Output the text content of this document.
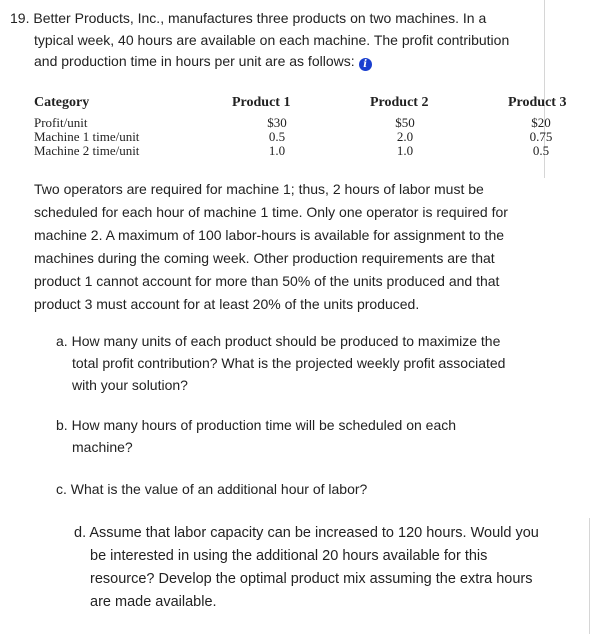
19. Better Products, Inc., manufactures three products on two machines. In a
typical week, 40 hours are available on each machine. The profit contribution
and production time in hours per unit are as follows: i
Category	Product 1	Product 2	Product 3
Profit/unit	$30	$50	$20
Machine 1 time/unit	0.5	2.0	0.75
Machine 2 time/unit	1.0	1.0	0.5
Two operators are required for machine 1; thus, 2 hours of labor must be
scheduled for each hour of machine 1 time. Only one operator is required for
machine 2. A maximum of 100 labor-hours is available for assignment to the
machines during the coming week. Other production requirements are that
product 1 cannot account for more than 50% of the units produced and that
product 3 must account for at least 20% of the units produced.
a. How many units of each product should be produced to maximize the
total profit contribution? What is the projected weekly profit associated
with your solution?
b. How many hours of production time will be scheduled on each
machine?
c. What is the value of an additional hour of labor?
d. Assume that labor capacity can be increased to 120 hours. Would you
be interested in using the additional 20 hours available for this
resource? Develop the optimal product mix assuming the extra hours
are made available.
